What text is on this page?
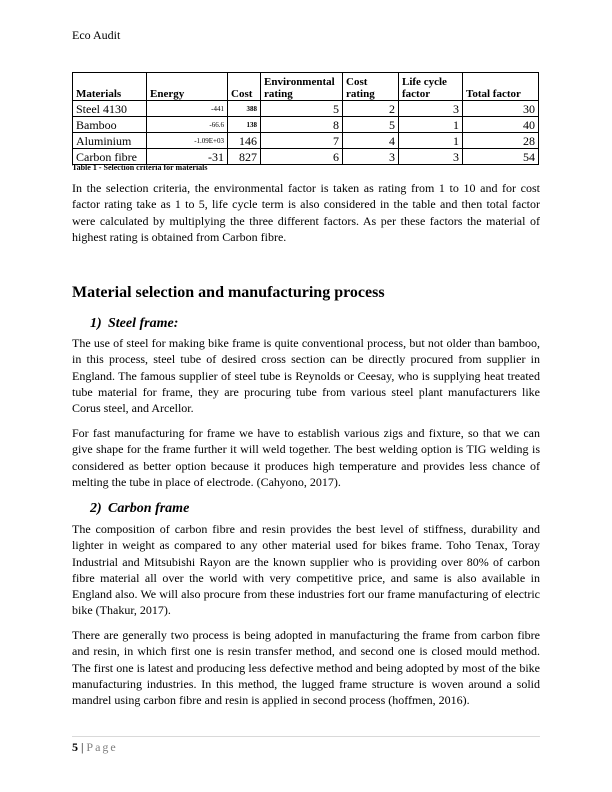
Eco Audit
Materials	Energy	Cost	Environmental rating	Cost rating	Life cycle factor	Total factor
Steel 4130	-441	388	5	2	3	30
Bamboo	-66.6	138	8	5	1	40
Aluminium	-1.09E+03	146	7	4	1	28
Carbon fibre	-31	827	6	3	3	54
Table 1 - Selection criteria for materials

In the selection criteria, the environmental factor is taken as rating from 1 to 10 and for cost factor rating take as 1 to 5, life cycle term is also considered in the table and then total factor were calculated by multiplying the three different factors. As per these factors the material of highest rating is obtained from Carbon fibre.

Material selection and manufacturing process
1) Steel frame:

The use of steel for making bike frame is quite conventional process, but not older than bamboo, in this process, steel tube of desired cross section can be directly procured from supplier in England. The famous supplier of steel tube is Reynolds or Ceesay, who is supplying heat treated tube material for frame, they are procuring tube from various steel plant manufacturers like Corus steel, and Arcellor.

For fast manufacturing for frame we have to establish various zigs and fixture, so that we can give shape for the frame further it will weld together. The best welding option is TIG welding is considered as better option because it produces high temperature and provides less chance of melting the tube in place of electrode. (Cahyono, 2017).

2) Carbon frame

The composition of carbon fibre and resin provides the best level of stiffness, durability and lighter in weight as compared to any other material used for bikes frame. Toho Tenax, Toray Industrial and Mitsubishi Rayon are the known supplier who is providing over 80% of carbon fibre material all over the world with very competitive price, and same is also available in England also. We will also procure from these industries fort our frame manufacturing of electric bike (Thakur, 2017).

There are generally two process is being adopted in manufacturing the frame from carbon fibre and resin, in which first one is resin transfer method, and second one is closed mould method. The first one is latest and producing less defective method and being adopted by most of the bike manufacturing industries. In this method, the lugged frame structure is woven around a solid mandrel using carbon fibre and resin is applied in second process (hoffmen, 2016).

5 | Page
